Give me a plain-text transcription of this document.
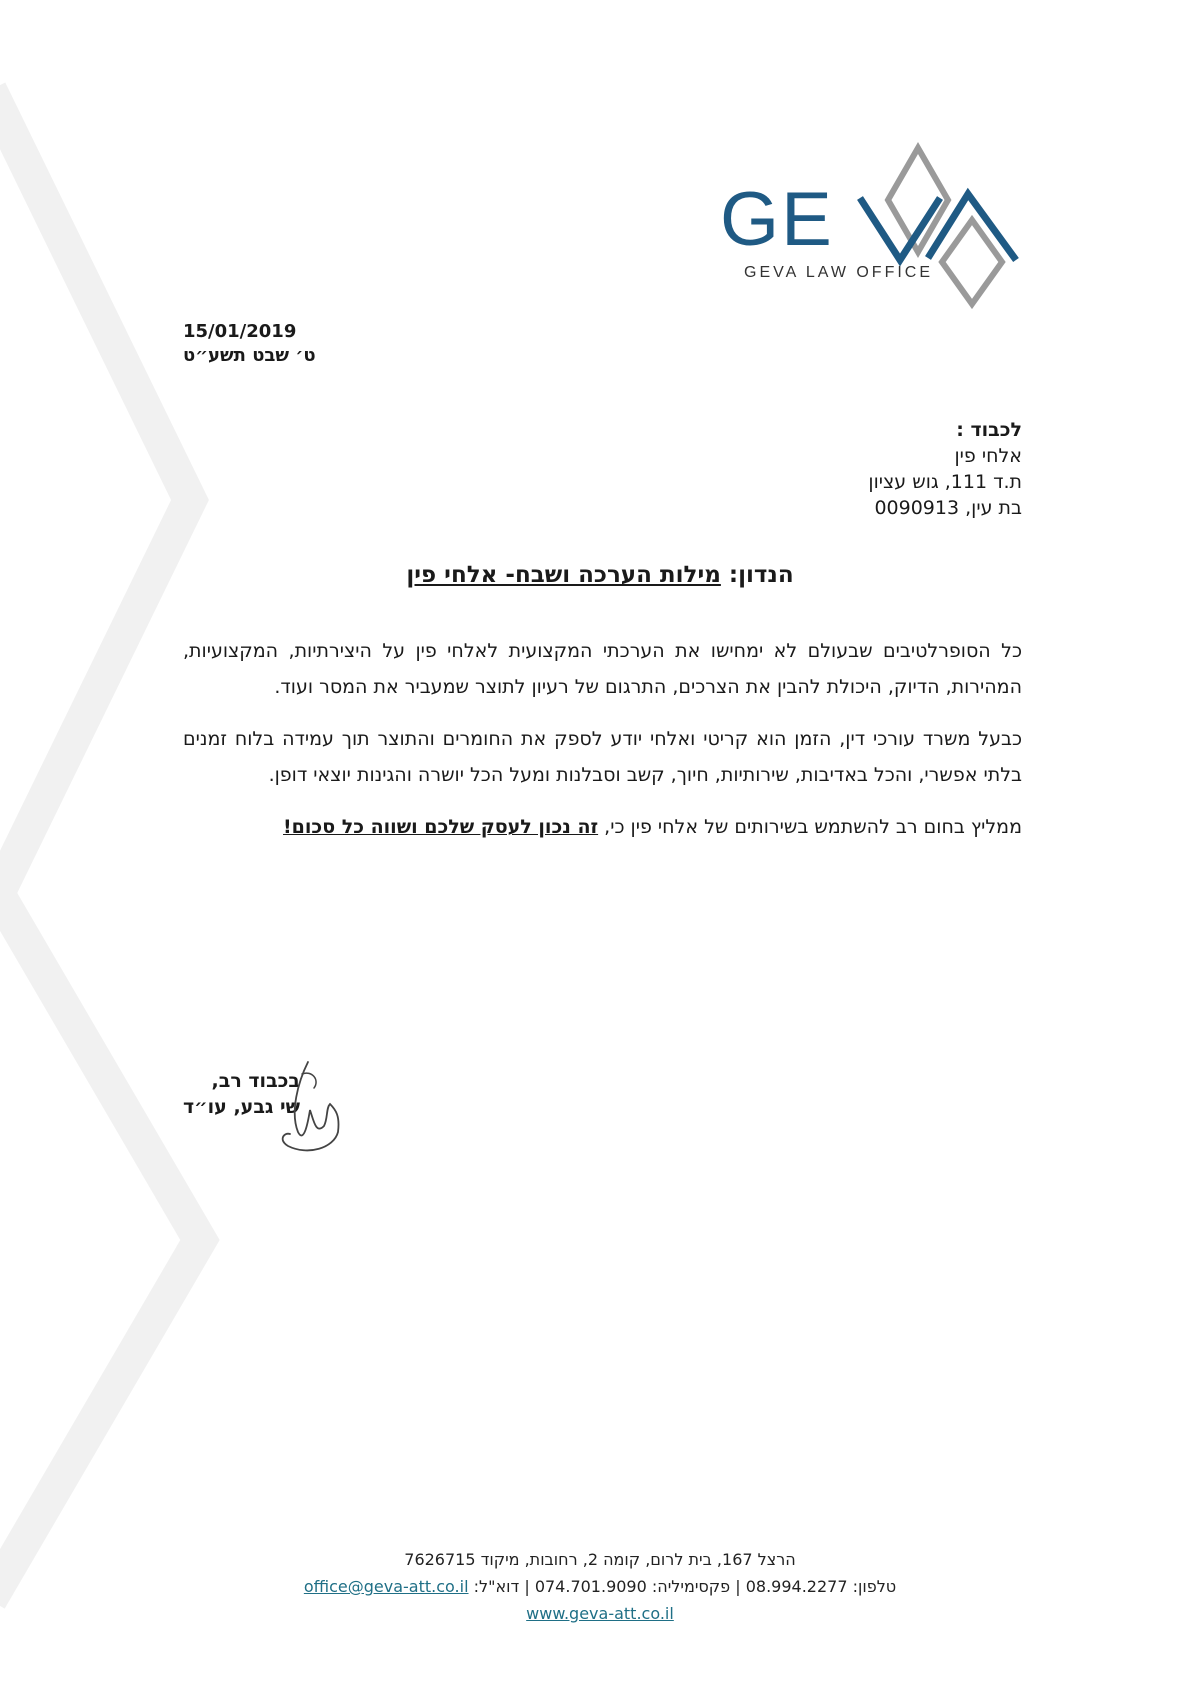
GE
GEVA LAW OFFICE
15/01/2019
ט׳ שבט תשע״ט
לכבוד :
אלחי פין
ת.ד 111, גוש עציון
בת עין, 0090913
הנדון: מילות הערכה ושבח- אלחי פין

כל הסופרלטיבים שבעולם לא ימחישו את הערכתי המקצועית לאלחי פין על היצירתיות, המקצועיות, המהירות, הדיוק, היכולת להבין את הצרכים, התרגום של רעיון לתוצר שמעביר את המסר ועוד.

כבעל משרד עורכי דין, הזמן הוא קריטי ואלחי יודע לספק את החומרים והתוצר תוך עמידה בלוח זמנים בלתי אפשרי, והכל באדיבות, שירותיות, חיוך, קשב וסבלנות ומעל הכל יושרה והגינות יוצאי דופן.

ממליץ בחום רב להשתמש בשירותים של אלחי פין כי, זה נכון לעסק שלכם ושווה כל סכום!

בכבוד רב,
שי גבע, עו״ד
הרצל 167, בית לרום, קומה 2, רחובות, מיקוד 7626715
טלפון: 08.994.2277 | פקסימיליה: 074.701.9090 | דוא"ל: office@geva-att.co.il
www.geva-att.co.il
